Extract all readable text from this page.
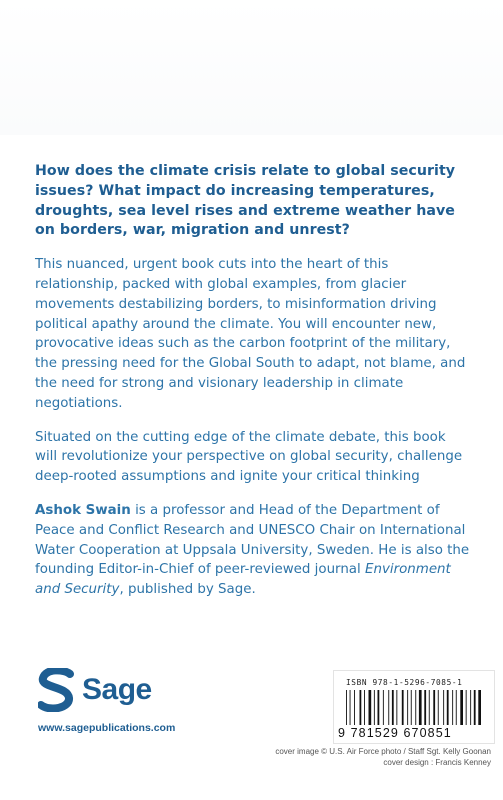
How does the climate crisis relate to global security issues? What impact do increasing temperatures, droughts, sea level rises and extreme weather have on borders, war, migration and unrest?

This nuanced, urgent book cuts into the heart of this relationship, packed with global examples, from glacier movements destabilizing borders, to misinformation driving political apathy around the climate. You will encounter new, provocative ideas such as the carbon footprint of the military, the pressing need for the Global South to adapt, not blame, and the need for strong and visionary leadership in climate negotiations.

Situated on the cutting edge of the climate debate, this book will revolutionize your perspective on global security, challenge deep-rooted assumptions and ignite your critical thinking

Ashok Swain is a professor and Head of the Department of Peace and Conflict Research and UNESCO Chair on International Water Cooperation at Uppsala University, Sweden. He is also the founding Editor-in-Chief of peer-reviewed journal Environment and Security, published by Sage.

Sage
www.sagepublications.com
ISBN 978-1-5296-7085-1
9 781529 670851
cover image © U.S. Air Force photo / Staff Sgt. Kelly Goonan
cover design : Francis Kenney
